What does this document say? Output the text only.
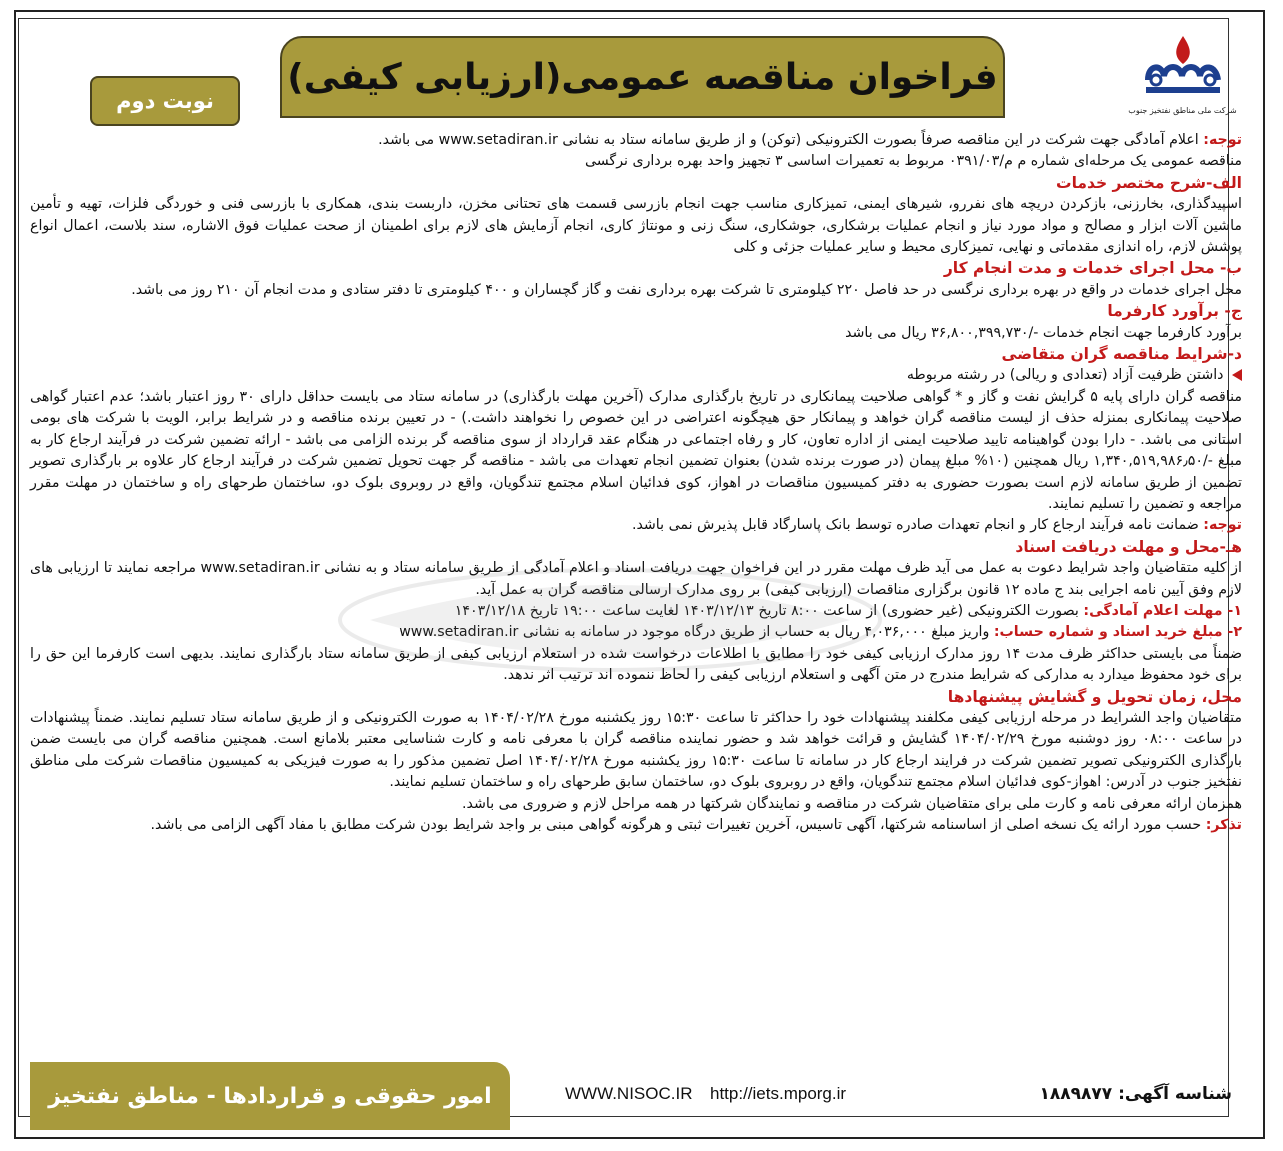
نوبت دوم
فراخوان مناقصه عمومی(ارزیابی کیفی)
شرکت ملی مناطق نفتخیز جنوب

توجه: اعلام آمادگی جهت شرکت در این مناقصه صرفاً بصورت الکترونیکی (توکن) و از طریق سامانه ستاد به نشانی www.setadiran.ir می باشد.

مناقصه عمومی یک مرحله‌ای شماره م م/۰۳۹۱/۰۳ مربوط به تعمیرات اساسی ۳ تجهیز واحد بهره برداری نرگسی

الف-شرح مختصر خدمات

اسپیدگذاری، بخارزنی، بازکردن دریچه های نفررو، شیرهای ایمنی، تمیزکاری مناسب جهت انجام بازرسی قسمت های تحتانی مخزن، داربست بندی، همکاری با بازرسی فنی و خوردگی فلزات، تهیه و تأمین ماشین آلات ابزار و مصالح و مواد مورد نیاز و انجام عملیات برشکاری، جوشکاری، سنگ زنی و مونتاژ کاری، انجام آزمایش های لازم برای اطمینان از صحت عملیات فوق الاشاره، سند بلاست، اعمال انواع پوشش لازم، راه اندازی مقدماتی و نهایی، تمیزکاری محیط و سایر عملیات جزئی و کلی

ب- محل اجرای خدمات و مدت انجام کار

محل اجرای خدمات در واقع در بهره برداری نرگسی در حد فاصل ۲۲۰ کیلومتری تا شرکت بهره برداری نفت و گاز گچساران و ۴۰۰ کیلومتری تا دفتر ستادی و مدت انجام آن ۲۱۰ روز می باشد.

ج- برآورد کارفرما

برآورد کارفرما جهت انجام خدمات -/۳۶,۸۰۰,۳۹۹,۷۳۰ ریال می باشد

د-شرایط مناقصه گران متقاضی

داشتن ظرفیت آزاد (تعدادی و ریالی) در رشته مربوطه

مناقصه گران دارای پایه ۵ گرایش نفت و گاز و * گواهی صلاحیت پیمانکاری در تاریخ بارگذاری مدارک (آخرین مهلت بارگذاری) در سامانه ستاد می بایست حداقل دارای ۳۰ روز اعتبار باشد؛ عدم اعتبار گواهی صلاحیت پیمانکاری بمنزله حذف از لیست مناقصه گران خواهد و پیمانکار حق هیچگونه اعتراضی در این خصوص را نخواهند داشت.) - در تعیین برنده مناقصه و در شرایط برابر، الویت با شرکت های بومی استانی می باشد. - دارا بودن گواهینامه تایید صلاحیت ایمنی از اداره تعاون، کار و رفاه اجتماعی در هنگام عقد قرارداد از سوی مناقصه گر برنده الزامی می باشد - ارائه تضمین شرکت در فرآیند ارجاع کار به مبلغ -/۱,۳۴۰,۵۱۹,۹۸۶٫۵۰ ریال همچنین (۱۰% مبلغ پیمان (در صورت برنده شدن) بعنوان تضمین انجام تعهدات می باشد - مناقصه گر جهت تحویل تضمین شرکت در فرآیند ارجاع کار علاوه بر بارگذاری تصویر تضمین از طریق سامانه لازم است بصورت حضوری به دفتر کمیسیون مناقصات در اهواز، کوی فدائیان اسلام مجتمع تندگویان، واقع در روبروی بلوک دو، ساختمان طرحهای راه و ساختمان در مهلت مقرر مراجعه و تضمین را تسلیم نمایند.

توجه: ضمانت نامه فرآیند ارجاع کار و انجام تعهدات صادره توسط بانک پاسارگاد قابل پذیرش نمی باشد.

هـ-محل و مهلت دریافت اسناد

از کلیه متقاضیان واجد شرایط دعوت به عمل می آید ظرف مهلت مقرر در این فراخوان جهت دریافت اسناد و اعلام آمادگی از طریق سامانه ستاد و به نشانی www.setadiran.ir مراجعه نمایند تا ارزیابی های لازم وفق آیین نامه اجرایی بند ج ماده ۱۲ قانون برگزاری مناقصات (ارزیابی کیفی) بر روی مدارک ارسالی مناقصه گران به عمل آید.

۱- مهلت اعلام آمادگی: بصورت الکترونیکی (غیر حضوری) از ساعت ۸:۰۰ تاریخ ۱۴۰۳/۱۲/۱۳ لغایت ساعت ۱۹:۰۰ تاریخ ۱۴۰۳/۱۲/۱۸

۲- مبلغ خرید اسناد و شماره حساب: واریز مبلغ ۴,۰۳۶,۰۰۰ ریال به حساب از طریق درگاه موجود در سامانه به نشانی www.setadiran.ir

ضمناً می بایستی حداکثر ظرف مدت ۱۴ روز مدارک ارزیابی کیفی خود را مطابق با اطلاعات درخواست شده در استعلام ارزیابی کیفی از طریق سامانه ستاد بارگذاری نمایند. بدیهی است کارفرما این حق را برای خود محفوظ میدارد به مدارکی که شرایط مندرج در متن آگهی و استعلام ارزیابی کیفی را لحاظ ننموده اند ترتیب اثر ندهد.

محل، زمان تحویل و گشایش پیشنهادها

متقاضیان واجد الشرایط در مرحله ارزیابی کیفی مکلفند پیشنهادات خود را حداکثر تا ساعت ۱۵:۳۰ روز یکشنبه مورخ ۱۴۰۴/۰۲/۲۸ به صورت الکترونیکی و از طریق سامانه ستاد تسلیم نمایند. ضمناً پیشنهادات در ساعت ۰۸:۰۰ روز دوشنبه مورخ ۱۴۰۴/۰۲/۲۹ گشایش و قرائت خواهد شد و حضور نماینده مناقصه گران با معرفی نامه و کارت شناسایی معتبر بلامانع است. همچنین مناقصه گران می بایست ضمن بارگذاری الکترونیکی تصویر تضمین شرکت در فرایند ارجاع کار در سامانه تا ساعت ۱۵:۳۰ روز یکشنبه مورخ ۱۴۰۴/۰۲/۲۸ اصل تضمین مذکور را به صورت فیزیکی به کمیسیون مناقصات شرکت ملی مناطق نفتخیز جنوب در آدرس: اهواز-کوی فدائیان اسلام مجتمع تندگویان، واقع در روبروی بلوک دو، ساختمان سابق طرحهای راه و ساختمان تسلیم نمایند.

همزمان ارائه معرفی نامه و کارت ملی برای متقاضیان شرکت در مناقصه و نمایندگان شرکتها در همه مراحل لازم و ضروری می باشد.

تذکر: حسب مورد ارائه یک نسخه اصلی از اساسنامه شرکتها، آگهی تاسیس، آخرین تغییرات ثبتی و هرگونه گواهی مبنی بر واجد شرایط بودن شرکت مطابق با مفاد آگهی الزامی می باشد.

امور حقوقی و قراردادها - مناطق نفتخیز	WWW.NISOC.IR http://iets.mporg.ir	شناسه آگهی: ۱۸۸۹۸۷۷
